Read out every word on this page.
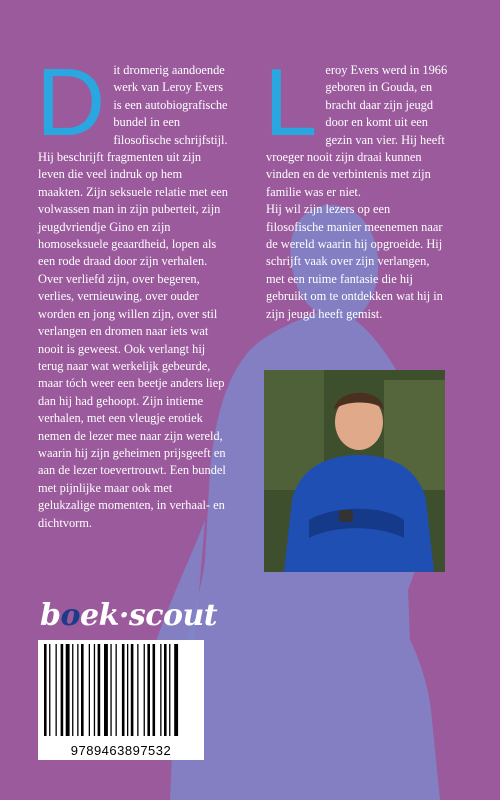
D it dromerig aandoende werk van Leroy Evers is een autobiografische bundel in een filosofische schrijfstijl. Hij beschrijft fragmenten uit zijn leven die veel indruk op hem maakten. Zijn seksuele relatie met een volwassen man in zijn puberteit, zijn jeugdvriendje Gino en zijn homoseksuele geaardheid, lopen als een rode draad door zijn verhalen. Over verliefd zijn, over begeren, verlies, vernieuwing, over ouder worden en jong willen zijn, over stil verlangen en dromen naar iets wat nooit is geweest. Ook verlangt hij terug naar wat werkelijk gebeurde, maar tóch weer een beetje anders liep dan hij had gehoopt. Zijn intieme verhalen, met een vleugje erotiek nemen de lezer mee naar zijn wereld, waarin hij zijn geheimen prijsgeeft en aan de lezer toevertrouwt. Een bundel met pijnlijke maar ook met gelukzalige momenten, in verhaal- en dichtvorm.

L eroy Evers werd in 1966 geboren in Gouda, en bracht daar zijn jeugd door en komt uit een gezin van vier. Hij heeft vroeger nooit zijn draai kunnen vinden en de verbintenis met zijn familie was er niet.

Hij wil zijn lezers op een filosofische manier meenemen naar de wereld waarin hij opgroeide. Hij schrijft vaak over zijn verlangen, met een ruime fantasie die hij gebruikt om te ontdekken wat hij in zijn jeugd heeft gemist.

boek·scout
9789463897532
